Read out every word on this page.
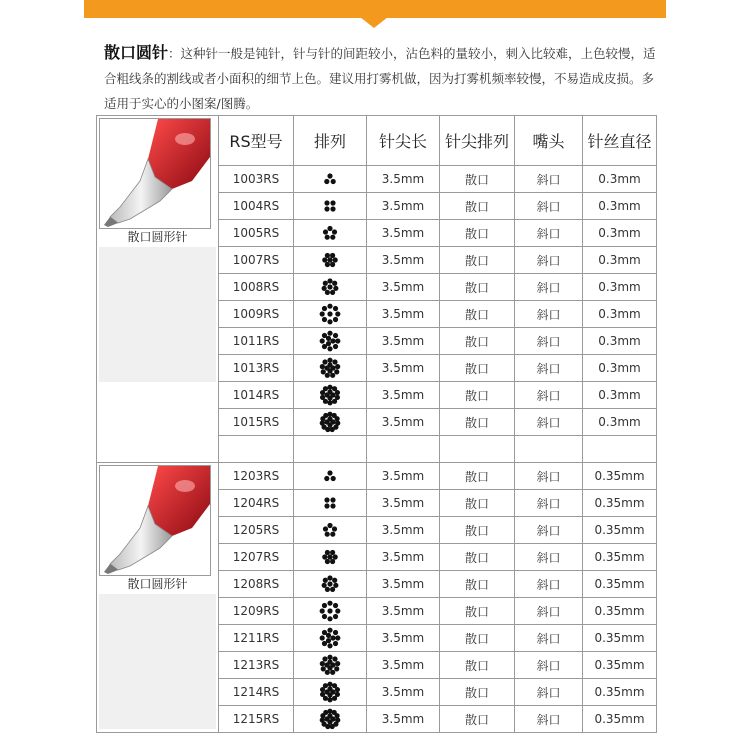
散口圆针：这种针一般是钝针，针与针的间距较小，沾色料的量较小，刺入比较难，上色较慢，适合粗线条的割线或者小面积的细节上色。建议用打雾机做，因为打雾机频率较慢，不易造成皮损。多适用于实心的小图案/图腾。
散口圆形针	RS型号	排列	针尖长	针尖排列	嘴头	针丝直径
	1003RS		3.5mm	散口	斜口	0.3mm
	1004RS		3.5mm	散口	斜口	0.3mm
	1005RS		3.5mm	散口	斜口	0.3mm
	1007RS		3.5mm	散口	斜口	0.3mm
	1008RS		3.5mm	散口	斜口	0.3mm
	1009RS		3.5mm	散口	斜口	0.3mm
	1011RS		3.5mm	散口	斜口	0.3mm
	1013RS		3.5mm	散口	斜口	0.3mm
	1014RS		3.5mm	散口	斜口	0.3mm
	1015RS		3.5mm	散口	斜口	0.3mm

散口圆形针	1203RS		3.5mm	散口	斜口	0.35mm
	1204RS		3.5mm	散口	斜口	0.35mm
	1205RS		3.5mm	散口	斜口	0.35mm
	1207RS		3.5mm	散口	斜口	0.35mm
	1208RS		3.5mm	散口	斜口	0.35mm
	1209RS		3.5mm	散口	斜口	0.35mm
	1211RS		3.5mm	散口	斜口	0.35mm
	1213RS		3.5mm	散口	斜口	0.35mm
	1214RS		3.5mm	散口	斜口	0.35mm
	1215RS		3.5mm	散口	斜口	0.35mm
